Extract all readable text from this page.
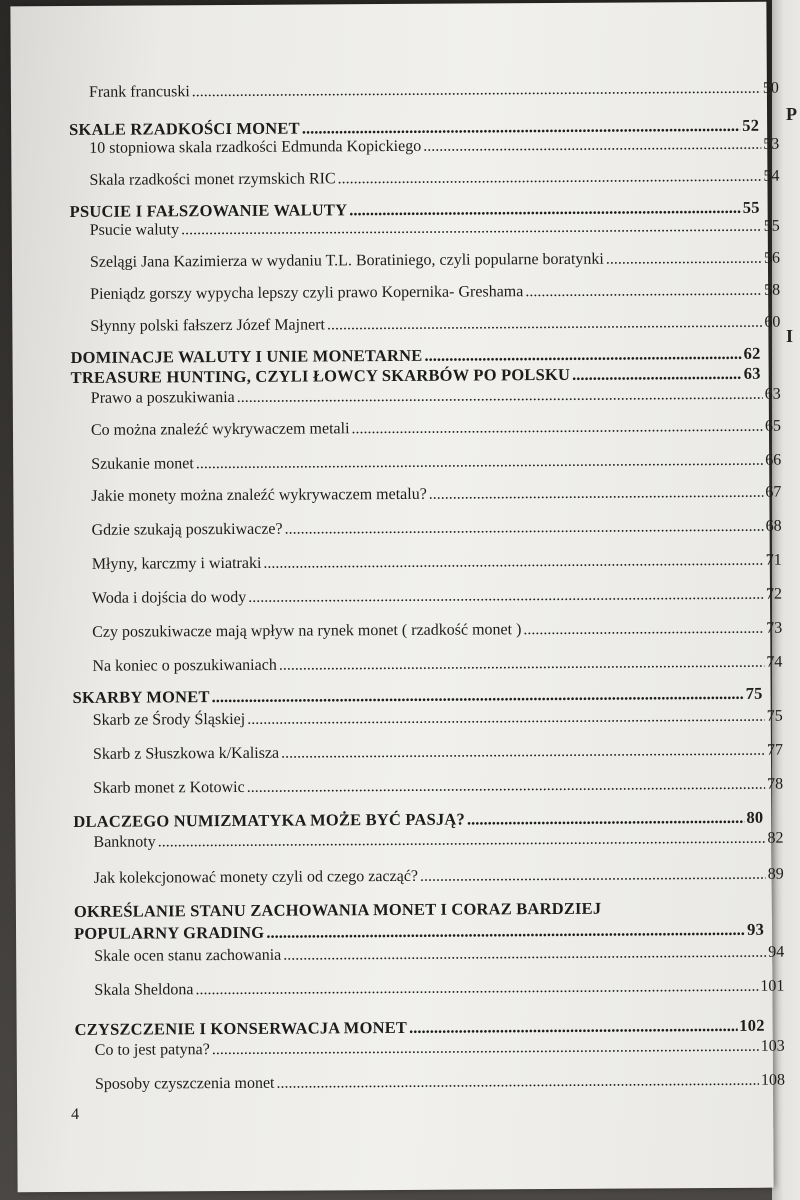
P
I
Frank francuski .....	50
SKALE RZADKOŚCI MONET .....	52
10 stopniowa skala rzadkości Edmunda Kopickiego .....	53
Skala rzadkości monet rzymskich RIC .....	54
PSUCIE I FAŁSZOWANIE WALUTY .....	55
Psucie waluty .....	55
Szelągi Jana Kazimierza w wydaniu T.L. Boratiniego, czyli popularne boratynki .....	56
Pieniądz gorszy wypycha lepszy czyli prawo Kopernika- Greshama .....	58
Słynny polski fałszerz Józef Majnert .....	60
DOMINACJE WALUTY I UNIE MONETARNE .....	62
TREASURE HUNTING, CZYLI ŁOWCY SKARBÓW PO POLSKU .....	63
Prawo a poszukiwania .....	63
Co można znaleźć wykrywaczem metali .....	65
Szukanie monet .....	66
Jakie monety można znaleźć wykrywaczem metalu? .....	67
Gdzie szukają poszukiwacze? .....	68
Młyny, karczmy i wiatraki .....	71
Woda i dojścia do wody .....	72
Czy poszukiwacze mają wpływ na rynek monet ( rzadkość monet ) .....	73
Na koniec o poszukiwaniach .....	74
SKARBY MONET .....	75
Skarb ze Środy Śląskiej .....	75
Skarb z Słuszkowa k/Kalisza .....	77
Skarb monet z Kotowic .....	78
DLACZEGO NUMIZMATYKA MOŻE BYĆ PASJĄ? .....	80
Banknoty .....	82
Jak kolekcjonować monety czyli od czego zacząć? .....	89
OKREŚLANIE STANU ZACHOWANIA MONET I CORAZ BARDZIEJ
POPULARNY GRADING .....	93
Skale ocen stanu zachowania .....	94
Skala Sheldona .....	101
CZYSZCZENIE I KONSERWACJA MONET .....	102
Co to jest patyna? .....	103
Sposoby czyszczenia monet .....	108
4
